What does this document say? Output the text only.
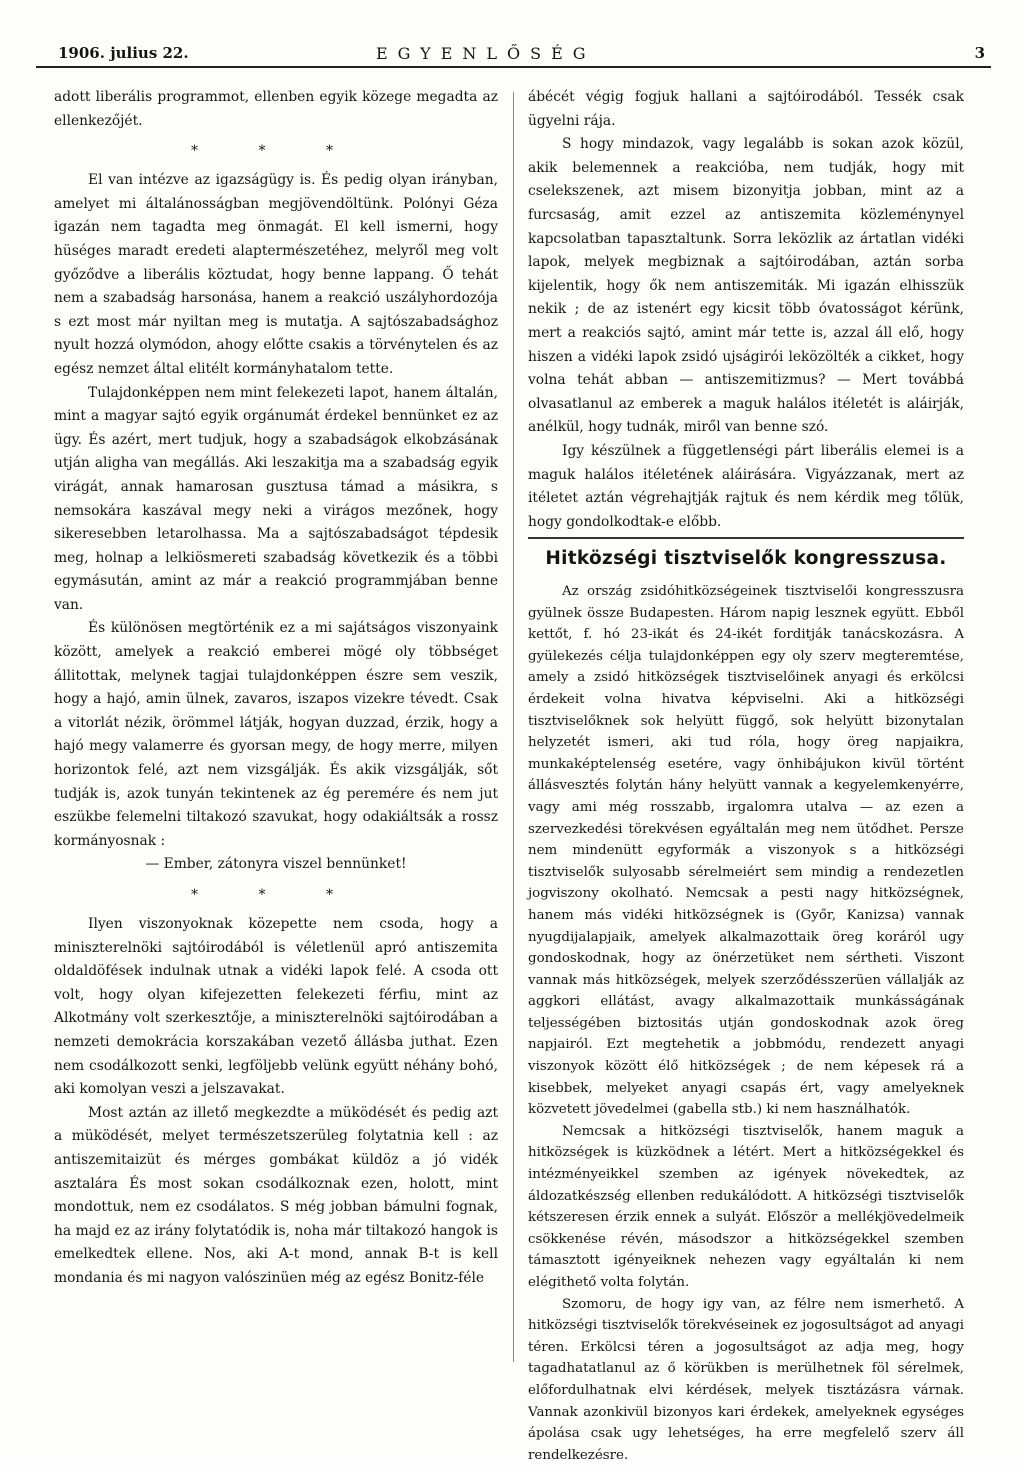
1906. julius 22.	EGYENLŐSÉG	3

adott liberális programmot, ellenben egyik közege megadta az ellenkezőjét.

* * *

El van intézve az igazságügy is. És pedig olyan irányban, amelyet mi általánosságban megjövendöltünk. Polónyi Géza igazán nem tagadta meg önmagát. El kell ismerni, hogy hüséges maradt eredeti alaptermészetéhez, melyről meg volt győződve a liberális köztudat, hogy benne lappang. Ő tehát nem a szabadság harsonása, hanem a reakció uszályhordozója s ezt most már nyiltan meg is mutatja. A sajtószabadsághoz nyult hozzá olymódon, ahogy előtte csakis a törvénytelen és az egész nemzet által elitélt kormányhatalom tette.

Tulajdonképpen nem mint felekezeti lapot, hanem általán, mint a magyar sajtó egyik orgánumát érdekel bennünket ez az ügy. És azért, mert tudjuk, hogy a szabadságok elkobzásának utján aligha van megállás. Aki leszakitja ma a szabadság egyik virágát, annak hamarosan gusztusa támad a másikra, s nemsokára kaszával megy neki a virágos mezőnek, hogy sikeresebben letarolhassa. Ma a sajtószabadságot tépdesik meg, holnap a lelkiösmereti szabadság következik és a többi egymásután, amint az már a reakció programmjában benne van.

És különösen megtörténik ez a mi sajátságos viszonyaink között, amelyek a reakció emberei mögé oly többséget állitottak, melynek tagjai tulajdonképpen észre sem veszik, hogy a hajó, amin ülnek, zavaros, iszapos vizekre tévedt. Csak a vitorlát nézik, örömmel látják, hogyan duzzad, érzik, hogy a hajó megy valamerre és gyorsan megy, de hogy merre, milyen horizontok felé, azt nem vizsgálják. És akik vizsgálják, sőt tudják is, azok tunyán tekintenek az ég peremére és nem jut eszükbe felemelni tiltakozó szavukat, hogy odakiáltsák a rossz kormányosnak :

— Ember, zátonyra viszel bennünket!

* * *

Ilyen viszonyoknak közepette nem csoda, hogy a miniszterelnöki sajtóirodából is véletlenül apró antiszemita oldaldöfések indulnak utnak a vidéki lapok felé. A csoda ott volt, hogy olyan kifejezetten felekezeti férfiu, mint az Alkotmány volt szerkesztője, a miniszterelnöki sajtóirodában a nemzeti demokrácia korszakában vezető állásba juthat. Ezen nem csodálkozott senki, legföljebb velünk együtt néhány bohó, aki komolyan veszi a jelszavakat.

Most aztán az illető megkezdte a müködését és pedig azt a müködését, melyet természetszerüleg folytatnia kell : az antiszemitaizüt és mérges gombákat küldöz a jó vidék asztalára És most sokan csodálkoznak ezen, holott, mint mondottuk, nem ez csodálatos. S még jobban bámulni fognak, ha majd ez az irány folytatódik is, noha már tiltakozó hangok is emelkedtek ellene. Nos, aki A-t mond, annak B-t is kell mondania és mi nagyon valószinüen még az egész Bonitz-féle

ábécét végig fogjuk hallani a sajtóirodából. Tessék csak ügyelni rája.

S hogy mindazok, vagy legalább is sokan azok közül, akik belemennek a reakcióba, nem tudják, hogy mit cselekszenek, azt misem bizonyitja jobban, mint az a furcsaság, amit ezzel az antiszemita közleménynyel kapcsolatban tapasztaltunk. Sorra leközlik az ártatlan vidéki lapok, melyek megbiznak a sajtóirodában, aztán sorba kijelentik, hogy ők nem antiszemiták. Mi igazán elhisszük nekik ; de az istenért egy kicsit több óvatosságot kérünk, mert a reakciós sajtó, amint már tette is, azzal áll elő, hogy hiszen a vidéki lapok zsidó ujságirói leközölték a cikket, hogy volna tehát abban — antiszemitizmus? — Mert továbbá olvasatlanul az emberek a maguk halálos itéletét is aláirják, anélkül, hogy tudnák, miről van benne szó.

Igy készülnek a függetlenségi párt liberális elemei is a maguk halálos itéletének aláirására. Vigyázzanak, mert az itéletet aztán végrehajtják rajtuk és nem kérdik meg tőlük, hogy gondolkodtak-e előbb.

Hitközségi tisztviselők kongresszusa.

Az ország zsidóhitközségeinek tisztviselői kongresszusra gyülnek össze Budapesten. Három napig lesznek együtt. Ebből kettőt, f. hó 23-ikát és 24-ikét forditják tanácskozásra. A gyülekezés célja tulajdonképpen egy oly szerv megteremtése, amely a zsidó hitközségek tisztviselőinek anyagi és erkölcsi érdekeit volna hivatva képviselni. Aki a hitközségi tisztviselőknek sok helyütt függő, sok helyütt bizonytalan helyzetét ismeri, aki tud róla, hogy öreg napjaikra, munkaképtelenség esetére, vagy önhibájukon kivül történt állásvesztés folytán hány helyütt vannak a kegyelemkenyérre, vagy ami még rosszabb, irgalomra utalva — az ezen a szervezkedési törekvésen egyáltalán meg nem ütődhet. Persze nem mindenütt egyformák a viszonyok s a hitközségi tisztviselők sulyosabb sérelmeiért sem mindig a rendezetlen jogviszony okolható. Nemcsak a pesti nagy hitközségnek, hanem más vidéki hitközségnek is (Győr, Kanizsa) vannak nyugdijalapjaik, amelyek alkalmazottaik öreg koráról ugy gondoskodnak, hogy az önérzetüket nem sértheti. Viszont vannak más hitközségek, melyek szerződésszerüen vállalják az aggkori ellátást, avagy alkalmazottaik munkásságának teljességében biztositás utján gondoskodnak azok öreg napjairól. Ezt megtehetik a jobbmódu, rendezett anyagi viszonyok között élő hitközségek ; de nem képesek rá a kisebbek, melyeket anyagi csapás ért, vagy amelyeknek közvetett jövedelmei (gabella stb.) ki nem használhatók.

Nemcsak a hitközségi tisztviselők, hanem maguk a hitközségek is küzködnek a létért. Mert a hitközségekkel és intézményeikkel szemben az igények növekedtek, az áldozatkészség ellenben redukálódott. A hitközségi tisztviselők kétszeresen érzik ennek a sulyát. Először a mellékjövedelmeik csökkenése révén, másodszor a hitközségekkel szemben támasztott igényeiknek nehezen vagy egyáltalán ki nem elégithető volta folytán.

Szomoru, de hogy igy van, az félre nem ismerhető. A hitközségi tisztviselők törekvéseinek ez jogosultságot ad anyagi téren. Erkölcsi téren a jogosultságot az adja meg, hogy tagadhatatlanul az ő körükben is merülhetnek föl sérelmek, előfordulhatnak elvi kérdések, melyek tisztázásra várnak. Vannak azonkivül bizonyos kari érdekek, amelyeknek egységes ápolása csak ugy lehetséges, ha erre megfelelő szerv áll rendelkezésre.
